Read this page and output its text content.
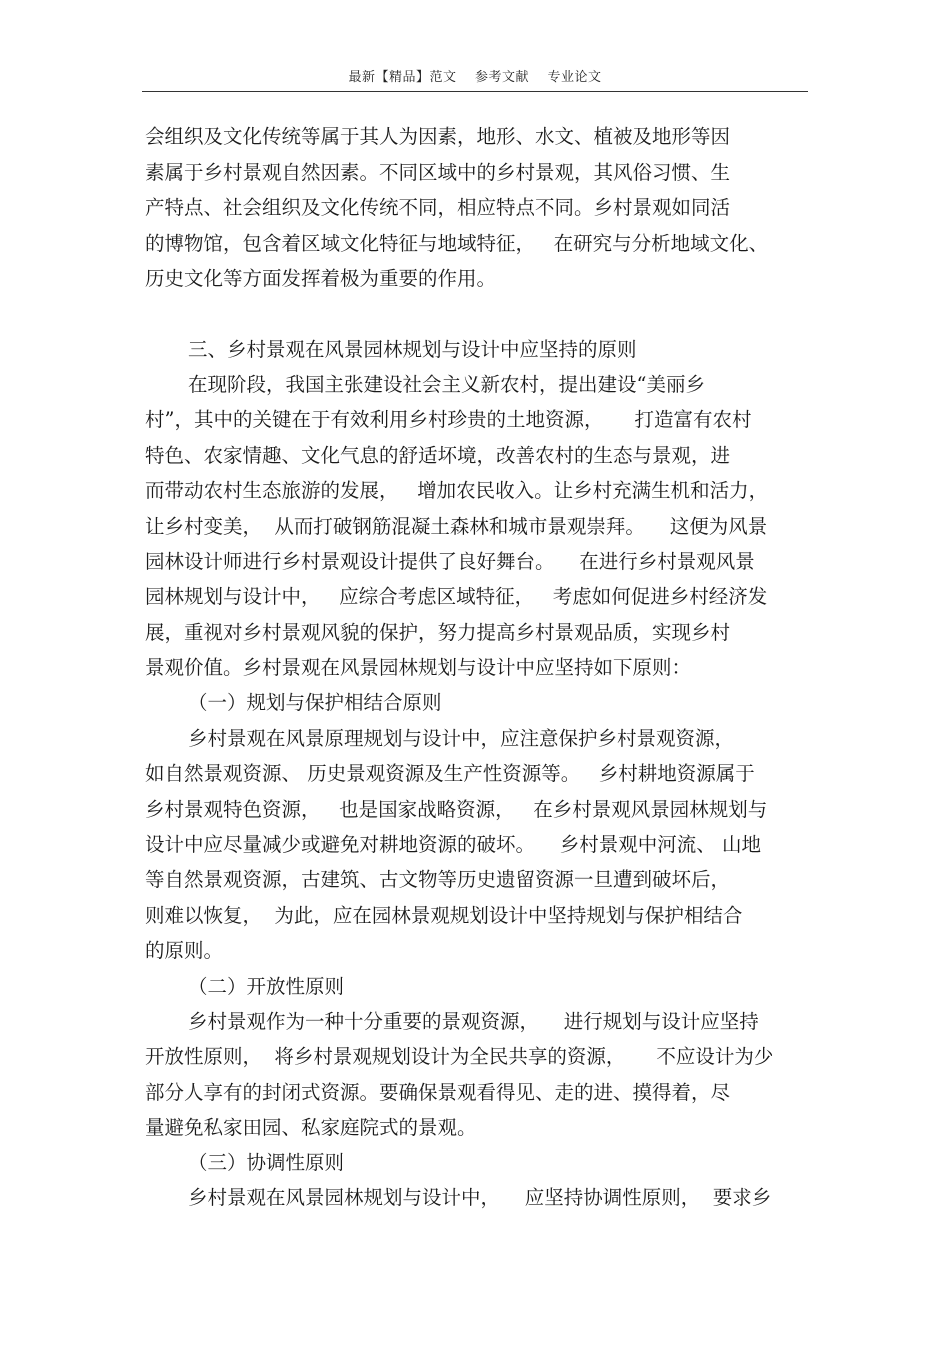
最新【精品】范文    参考文献    专业论文
会组织及文化传统等属于其人为因素，地形、水文、植被及地形等因
素属于乡村景观自然因素。不同区域中的乡村景观，其风俗习惯、生
产特点、社会组织及文化传统不同，相应特点不同。乡村景观如同活
的博物馆，包含着区域文化特征与地域特征，   在研究与分析地域文化、
历史文化等方面发挥着极为重要的作用。
三、乡村景观在风景园林规划与设计中应坚持的原则
在现阶段，我国主张建设社会主义新农村，提出建设“美丽乡
村”，其中的关键在于有效利用乡村珍贵的土地资源，     打造富有农村
特色、农家情趣、文化气息的舒适坏境，改善农村的生态与景观，进
而带动农村生态旅游的发展，   增加农民收入。让乡村充满生机和活力，
让乡村变美，  从而打破钢筋混凝土森林和城市景观崇拜。    这便为风景
园林设计师进行乡村景观设计提供了良好舞台。    在进行乡村景观风景
园林规划与设计中，   应综合考虑区域特征，   考虑如何促进乡村经济发
展，重视对乡村景观风貌的保护，努力提高乡村景观品质，实现乡村
景观价值。乡村景观在风景园林规划与设计中应坚持如下原则：
（一）规划与保护相结合原则
乡村景观在风景原理规划与设计中，应注意保护乡村景观资源，
如自然景观资源、 历史景观资源及生产性资源等。   乡村耕地资源属于
乡村景观特色资源，   也是国家战略资源，   在乡村景观风景园林规划与
设计中应尽量减少或避免对耕地资源的破坏。    乡村景观中河流、 山地
等自然景观资源，古建筑、古文物等历史遗留资源一旦遭到破坏后，
则难以恢复，  为此，应在园林景观规划设计中坚持规划与保护相结合
的原则。
（二）开放性原则
乡村景观作为一种十分重要的景观资源，    进行规划与设计应坚持
开放性原则，  将乡村景观规划设计为全民共享的资源，     不应设计为少
部分人享有的封闭式资源。要确保景观看得见、走的进、摸得着，尽
量避免私家田园、私家庭院式的景观。
（三）协调性原则
乡村景观在风景园林规划与设计中，    应坚持协调性原则，  要求乡
